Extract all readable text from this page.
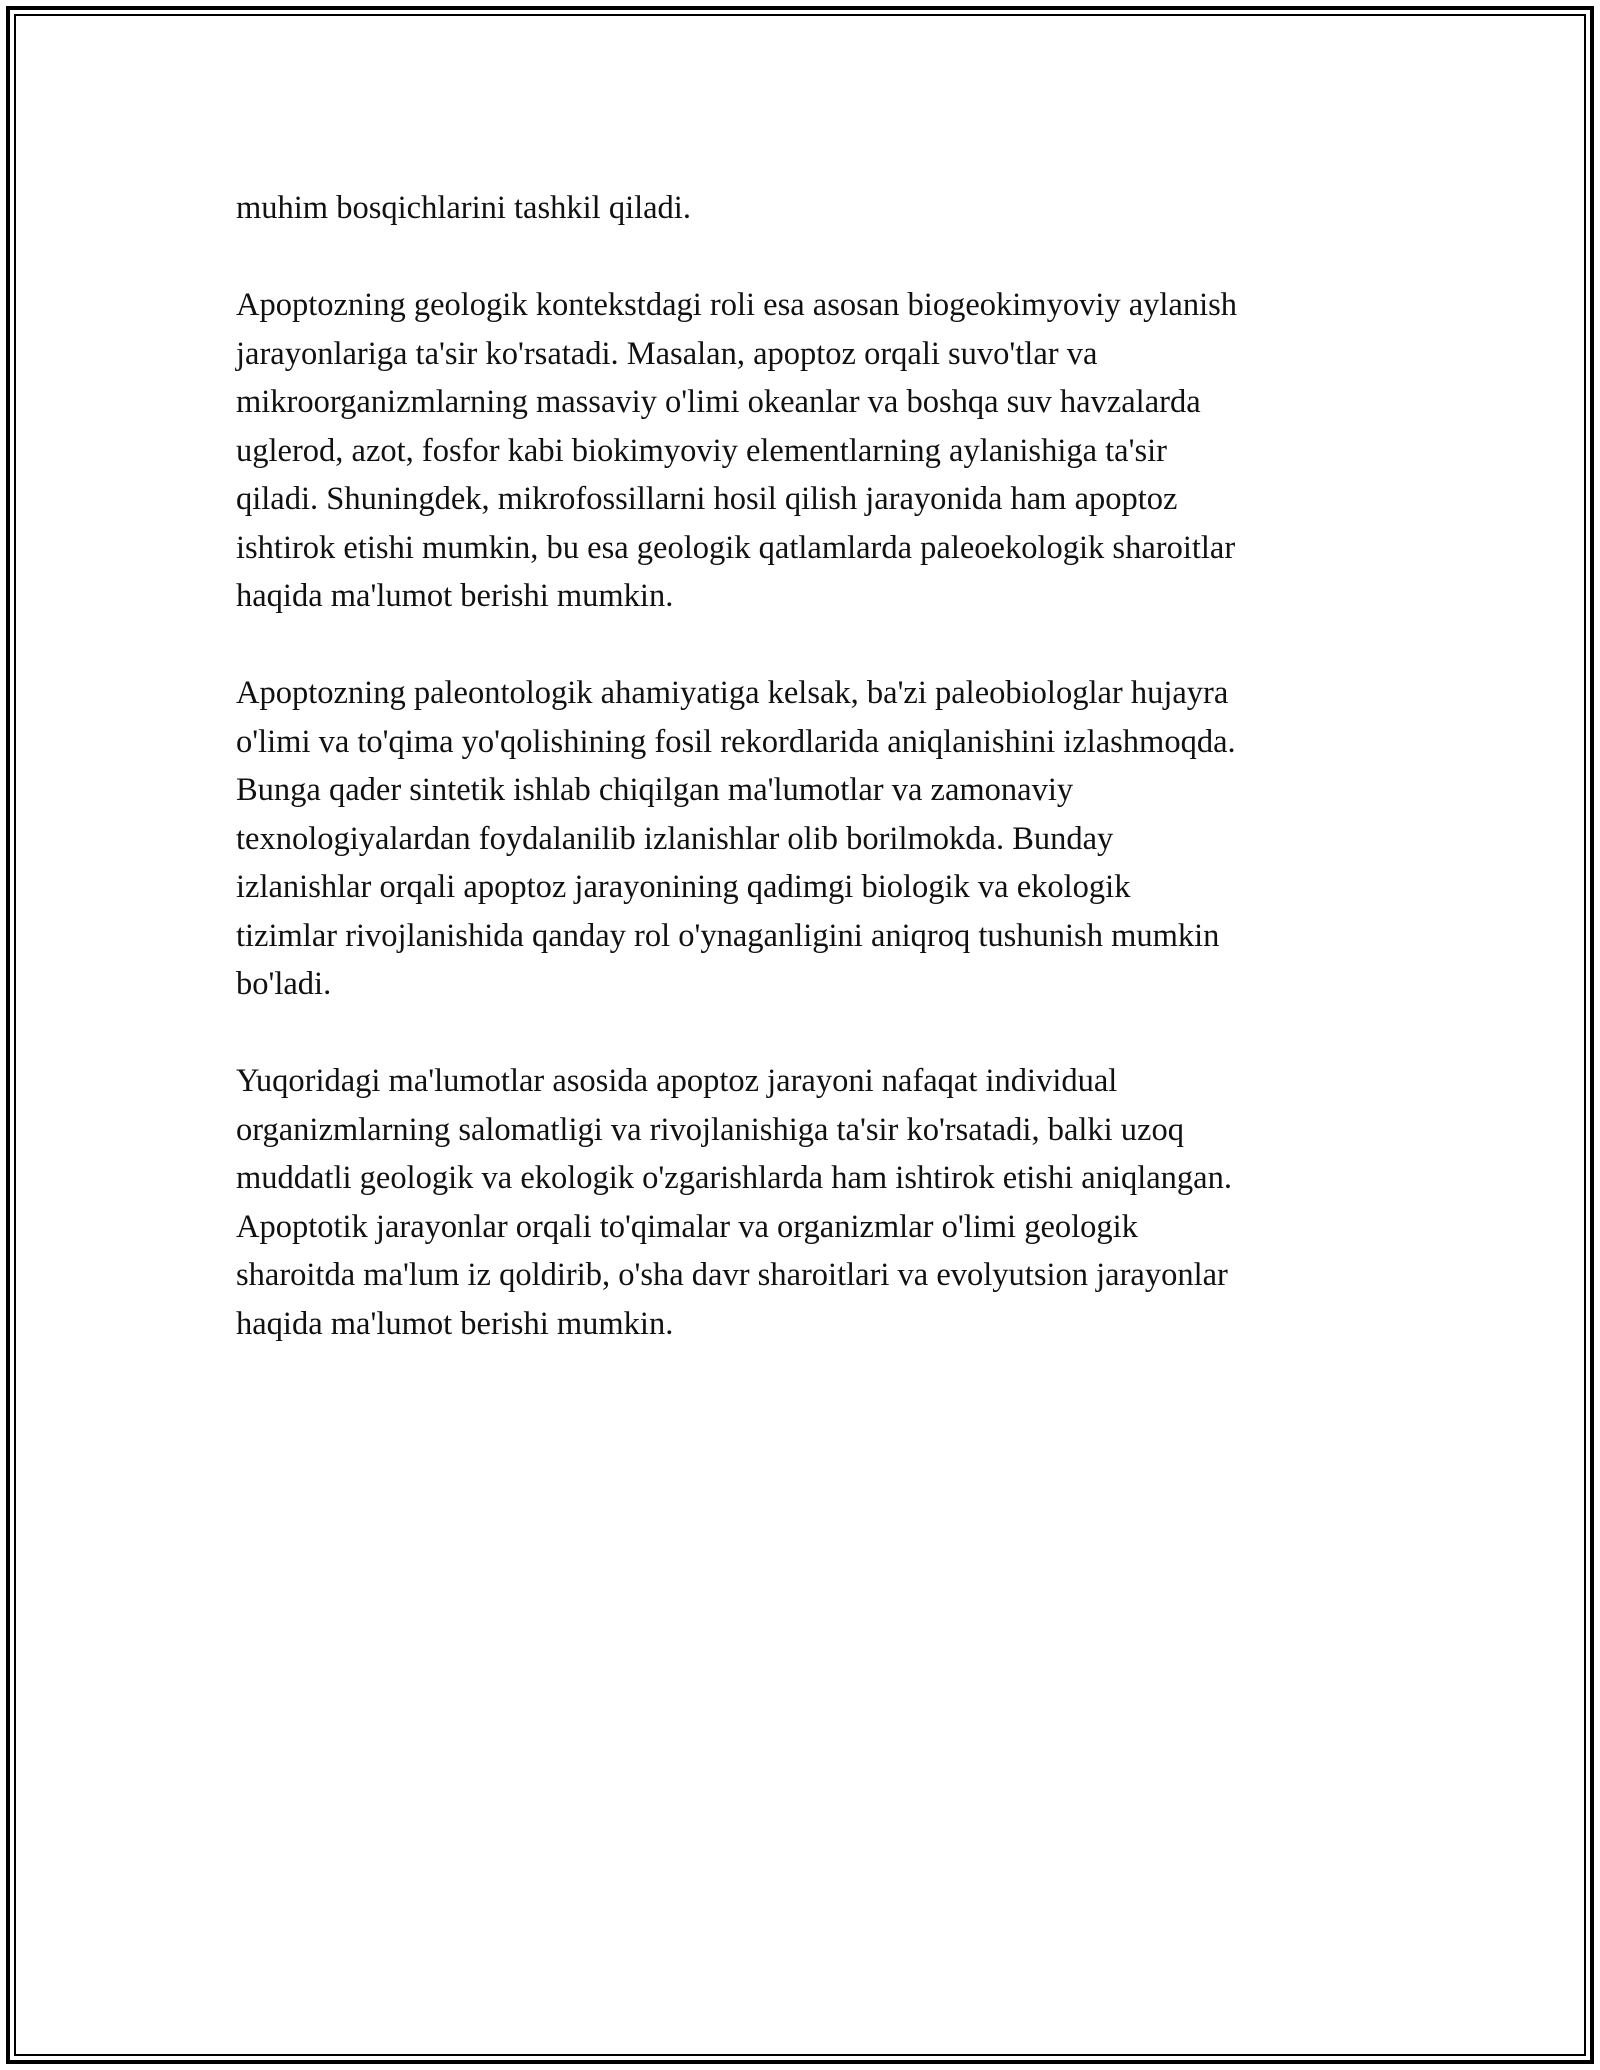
muhim bosqichlarini tashkil qiladi.

Apoptozning geologik kontekstdagi roli esa asosan biogeokimyoviy aylanish
jarayonlariga ta'sir ko'rsatadi. Masalan, apoptoz orqali suvo'tlar va
mikroorganizmlarning massaviy o'limi okeanlar va boshqa suv havzalarda
uglerod, azot, fosfor kabi biokimyoviy elementlarning aylanishiga ta'sir
qiladi. Shuningdek, mikrofossillarni hosil qilish jarayonida ham apoptoz
ishtirok etishi mumkin, bu esa geologik qatlamlarda paleoekologik sharoitlar
haqida ma'lumot berishi mumkin.

Apoptozning paleontologik ahamiyatiga kelsak, ba'zi paleobiologlar hujayra
o'limi va to'qima yo'qolishining fosil rekordlarida aniqlanishini izlashmoqda.
Bunga qader sintetik ishlab chiqilgan ma'lumotlar va zamonaviy
texnologiyalardan foydalanilib izlanishlar olib borilmokda. Bunday
izlanishlar orqali apoptoz jarayonining qadimgi biologik va ekologik
tizimlar rivojlanishida qanday rol o'ynaganligini aniqroq tushunish mumkin
bo'ladi.

Yuqoridagi ma'lumotlar asosida apoptoz jarayoni nafaqat individual
organizmlarning salomatligi va rivojlanishiga ta'sir ko'rsatadi, balki uzoq
muddatli geologik va ekologik o'zgarishlarda ham ishtirok etishi aniqlangan.
Apoptotik jarayonlar orqali to'qimalar va organizmlar o'limi geologik
sharoitda ma'lum iz qoldirib, o'sha davr sharoitlari va evolyutsion jarayonlar
haqida ma'lumot berishi mumkin.
